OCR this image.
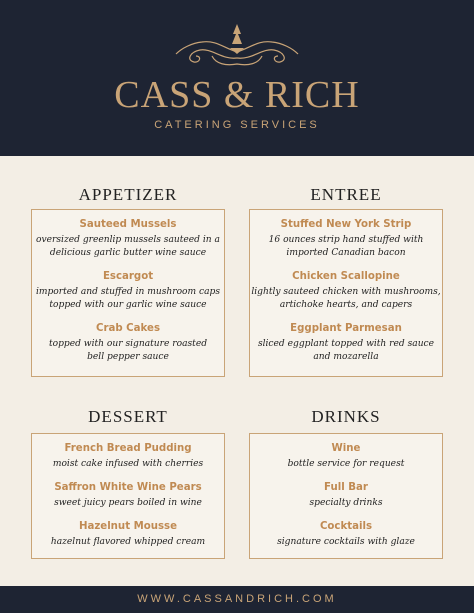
CASS & RICH
CATERING SERVICES
APPETIZER
Sauteed Mussels
oversized greenlip mussels sauteed in a
delicious garlic butter wine sauce
Escargot
imported and stuffed in mushroom caps
topped with our garlic wine sauce
Crab Cakes
topped with our signature roasted
bell pepper sauce
ENTREE
Stuffed New York Strip
16 ounces strip hand stuffed with
imported Canadian bacon
Chicken Scallopine
lightly sauteed chicken with mushrooms,
artichoke hearts, and capers
Eggplant Parmesan
sliced eggplant topped with red sauce
and mozarella
DESSERT
French Bread Pudding
moist cake infused with cherries
Saffron White Wine Pears
sweet juicy pears boiled in wine
Hazelnut Mousse
hazelnut flavored whipped cream
DRINKS
Wine
bottle service for request
Full Bar
specialty drinks
Cocktails
signature cocktails with glaze
WWW.CASSANDRICH.COM
